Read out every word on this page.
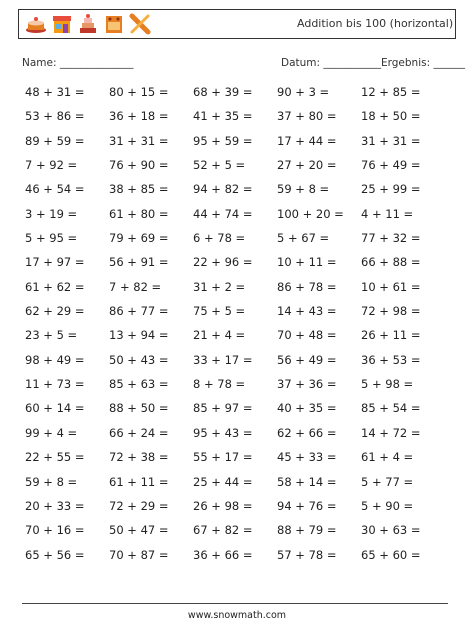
Addition bis 100 (horizontal)
Name: ______________	Datum: ___________ Ergebnis: ______
48 + 31 =	80 + 15 =	68 + 39 =	90 + 3 =	12 + 85 =
53 + 86 =	36 + 18 =	41 + 35 =	37 + 80 =	18 + 50 =
89 + 59 =	31 + 31 =	95 + 59 =	17 + 44 =	31 + 31 =
7 + 92 =	76 + 90 =	52 + 5 =	27 + 20 =	76 + 49 =
46 + 54 =	38 + 85 =	94 + 82 =	59 + 8 =	25 + 99 =
3 + 19 =	61 + 80 =	44 + 74 =	100 + 20 =	4 + 11 =
5 + 95 =	79 + 69 =	6 + 78 =	5 + 67 =	77 + 32 =
17 + 97 =	56 + 91 =	22 + 96 =	10 + 11 =	66 + 88 =
61 + 62 =	7 + 82 =	31 + 2 =	86 + 78 =	10 + 61 =
62 + 29 =	86 + 77 =	75 + 5 =	14 + 43 =	72 + 98 =
23 + 5 =	13 + 94 =	21 + 4 =	70 + 48 =	26 + 11 =
98 + 49 =	50 + 43 =	33 + 17 =	56 + 49 =	36 + 53 =
11 + 73 =	85 + 63 =	8 + 78 =	37 + 36 =	5 + 98 =
60 + 14 =	88 + 50 =	85 + 97 =	40 + 35 =	85 + 54 =
99 + 4 =	66 + 24 =	95 + 43 =	62 + 66 =	14 + 72 =
22 + 55 =	72 + 38 =	55 + 17 =	45 + 33 =	61 + 4 =
59 + 8 =	61 + 11 =	25 + 44 =	58 + 14 =	5 + 77 =
20 + 33 =	72 + 29 =	26 + 98 =	94 + 76 =	5 + 90 =
70 + 16 =	50 + 47 =	67 + 82 =	88 + 79 =	30 + 63 =
65 + 56 =	70 + 87 =	36 + 66 =	57 + 78 =	65 + 60 =
www.snowmath.com
